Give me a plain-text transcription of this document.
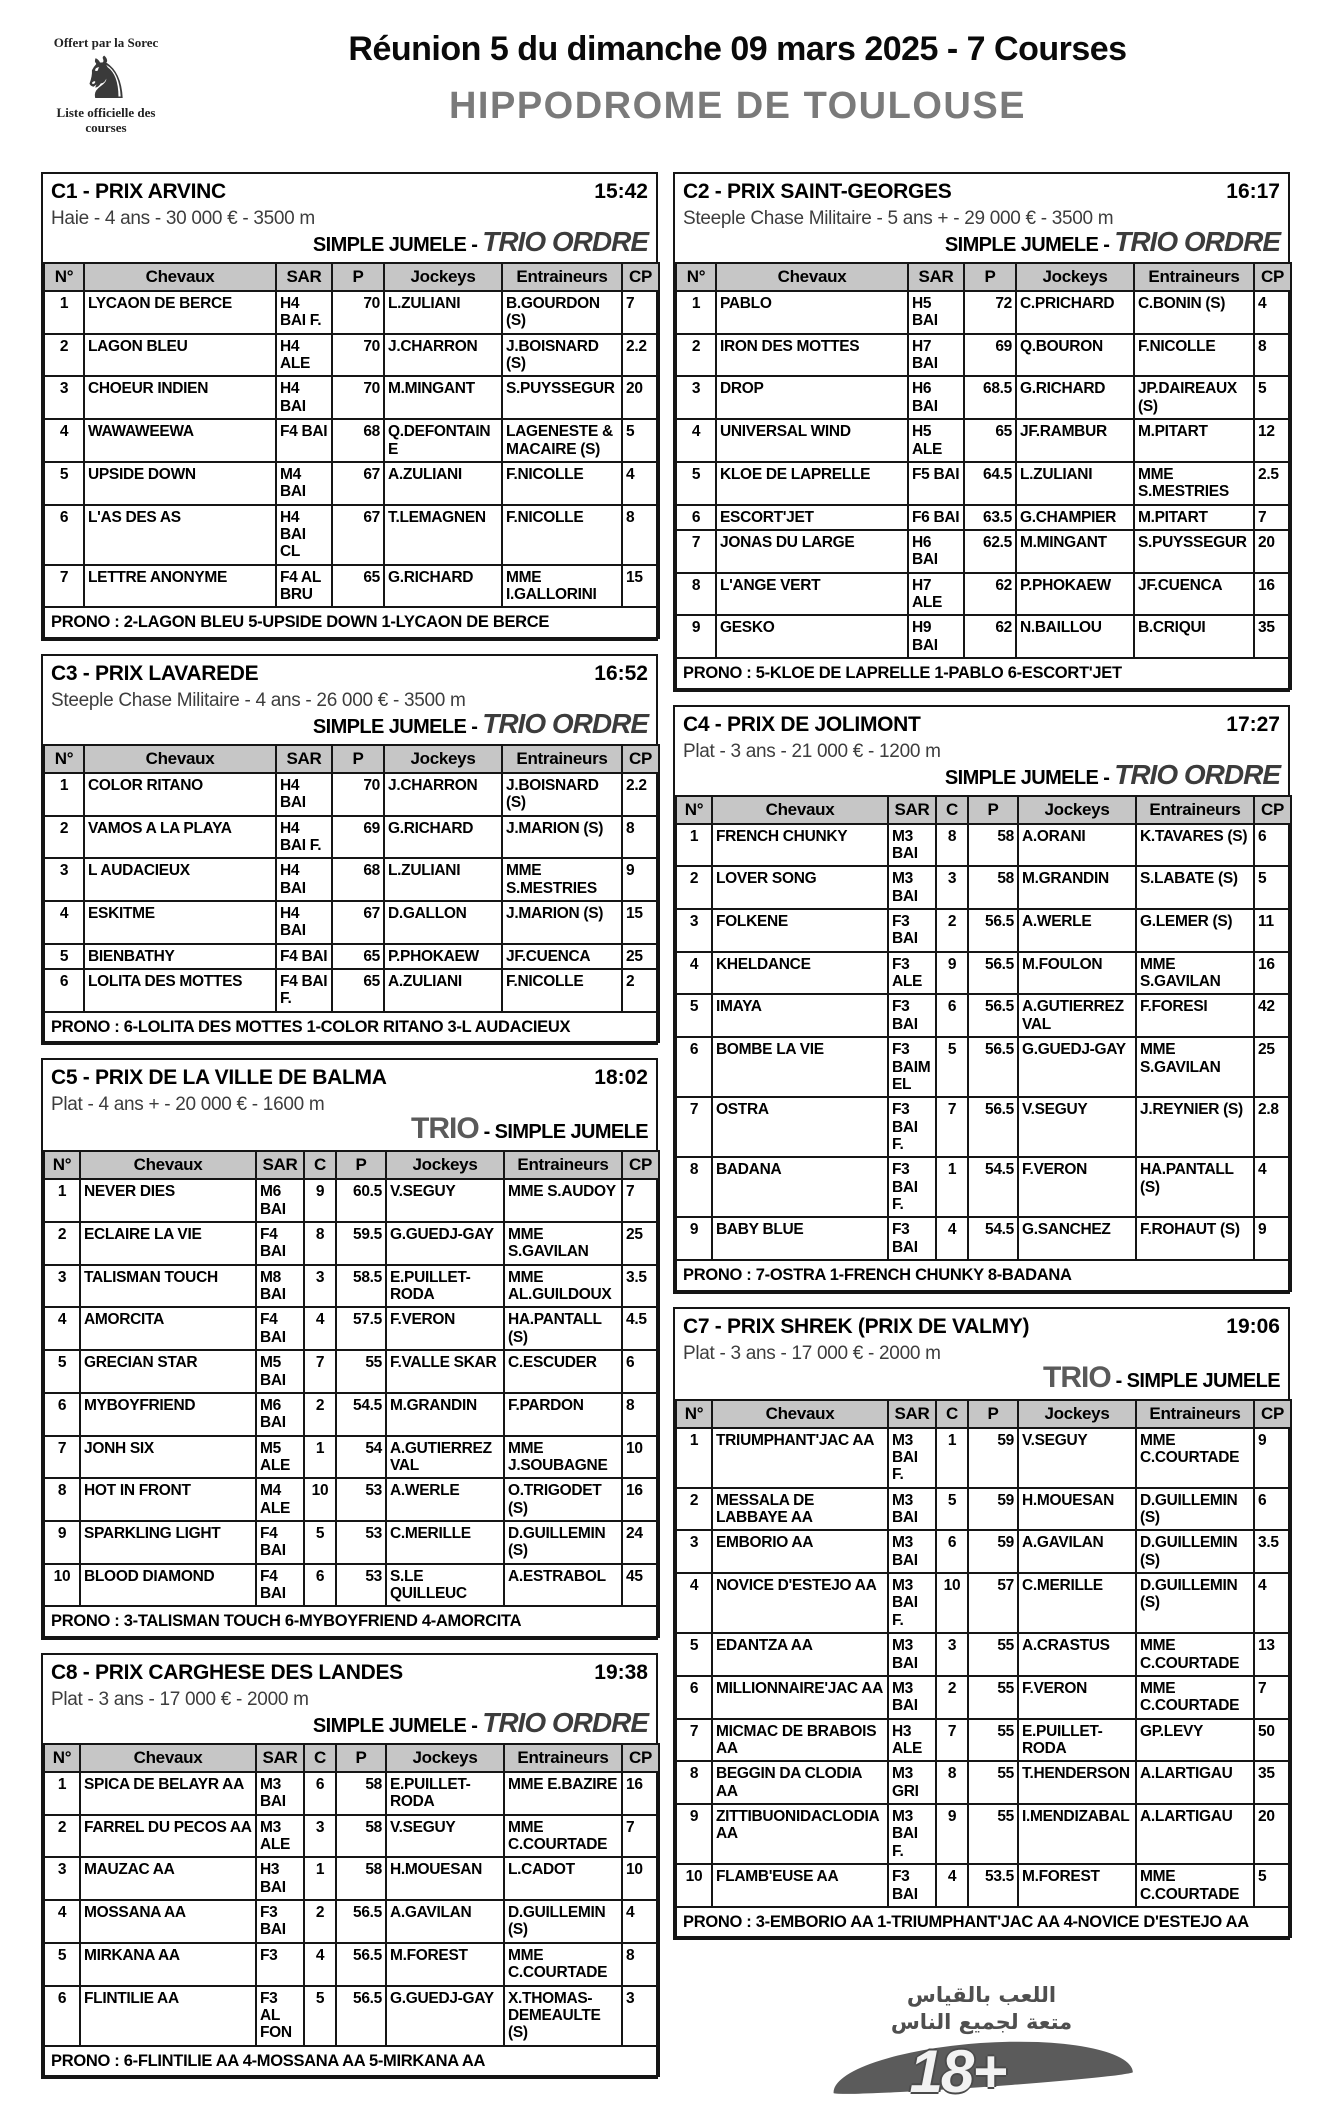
Offert par la Sorec
♞
Liste officielle des courses
Réunion 5 du dimanche 09 mars 2025 - 7 Courses
HIPPODROME DE TOULOUSE
C1 - PRIX ARVINC	15:42
Haie - 4 ans - 30 000 € - 3500 m
SIMPLE JUMELE - TRIO ORDRE
N°	Chevaux	SAR	P	Jockeys	Entraineurs	CP
1	LYCAON DE BERCE	H4 BAI F.	70	L.ZULIANI	B.GOURDON (S)	7
2	LAGON BLEU	H4 ALE	70	J.CHARRON	J.BOISNARD (S)	2.2
3	CHOEUR INDIEN	H4 BAI	70	M.MINGANT	S.PUYSSEGUR	20
4	WAWAWEEWA	F4 BAI	68	Q.DEFONTAINE	LAGENESTE & MACAIRE (S)	5
5	UPSIDE DOWN	M4 BAI	67	A.ZULIANI	F.NICOLLE	4
6	L'AS DES AS	H4 BAI CL	67	T.LEMAGNEN	F.NICOLLE	8
7	LETTRE ANONYME	F4 AL BRU	65	G.RICHARD	MME I.GALLORINI	15
PRONO : 2-LAGON BLEU 5-UPSIDE DOWN 1-LYCAON DE BERCE						
C3 - PRIX LAVAREDE	16:52
Steeple Chase Militaire - 4 ans - 26 000 € - 3500 m
SIMPLE JUMELE - TRIO ORDRE
N°	Chevaux	SAR	P	Jockeys	Entraineurs	CP
1	COLOR RITANO	H4 BAI	70	J.CHARRON	J.BOISNARD (S)	2.2
2	VAMOS A LA PLAYA	H4 BAI F.	69	G.RICHARD	J.MARION (S)	8
3	L AUDACIEUX	H4 BAI	68	L.ZULIANI	MME S.MESTRIES	9
4	ESKITME	H4 BAI	67	D.GALLON	J.MARION (S)	15
5	BIENBATHY	F4 BAI	65	P.PHOKAEW	JF.CUENCA	25
6	LOLITA DES MOTTES	F4 BAI F.	65	A.ZULIANI	F.NICOLLE	2
PRONO : 6-LOLITA DES MOTTES 1-COLOR RITANO 3-L AUDACIEUX						
C5 - PRIX DE LA VILLE DE BALMA	18:02
Plat - 4 ans + - 20 000 € - 1600 m
TRIO - SIMPLE JUMELE
N°	Chevaux	SAR	C	P	Jockeys	Entraineurs	CP
1	NEVER DIES	M6 BAI	9	60.5	V.SEGUY	MME S.AUDOY	7
2	ECLAIRE LA VIE	F4 BAI	8	59.5	G.GUEDJ-GAY	MME S.GAVILAN	25
3	TALISMAN TOUCH	M8 BAI	3	58.5	E.PUILLET-RODA	MME AL.GUILDOUX	3.5
4	AMORCITA	F4 BAI	4	57.5	F.VERON	HA.PANTALL (S)	4.5
5	GRECIAN STAR	M5 BAI	7	55	F.VALLE SKAR	C.ESCUDER	6
6	MYBOYFRIEND	M6 BAI	2	54.5	M.GRANDIN	F.PARDON	8
7	JONH SIX	M5 ALE	1	54	A.GUTIERREZ VAL	MME J.SOUBAGNE	10
8	HOT IN FRONT	M4 ALE	10	53	A.WERLE	O.TRIGODET (S)	16
9	SPARKLING LIGHT	F4 BAI	5	53	C.MERILLE	D.GUILLEMIN (S)	24
10	BLOOD DIAMOND	F4 BAI	6	53	S.LE QUILLEUC	A.ESTRABOL	45
PRONO : 3-TALISMAN TOUCH 6-MYBOYFRIEND 4-AMORCITA							
C8 - PRIX CARGHESE DES LANDES	19:38
Plat - 3 ans - 17 000 € - 2000 m
SIMPLE JUMELE - TRIO ORDRE
N°	Chevaux	SAR	C	P	Jockeys	Entraineurs	CP
1	SPICA DE BELAYR AA	M3 BAI	6	58	E.PUILLET-RODA	MME E.BAZIRE	16
2	FARREL DU PECOS AA	M3 ALE	3	58	V.SEGUY	MME C.COURTADE	7
3	MAUZAC AA	H3 BAI	1	58	H.MOUESAN	L.CADOT	10
4	MOSSANA AA	F3 BAI	2	56.5	A.GAVILAN	D.GUILLEMIN (S)	4
5	MIRKANA AA	F3	4	56.5	M.FOREST	MME C.COURTADE	8
6	FLINTILIE AA	F3 AL FON	5	56.5	G.GUEDJ-GAY	X.THOMAS-DEMEAULTE (S)	3
PRONO : 6-FLINTILIE AA 4-MOSSANA AA 5-MIRKANA AA							
C2 - PRIX SAINT-GEORGES	16:17
Steeple Chase Militaire - 5 ans + - 29 000 € - 3500 m
SIMPLE JUMELE - TRIO ORDRE
N°	Chevaux	SAR	P	Jockeys	Entraineurs	CP
1	PABLO	H5 BAI	72	C.PRICHARD	C.BONIN (S)	4
2	IRON DES MOTTES	H7 BAI	69	Q.BOURON	F.NICOLLE	8
3	DROP	H6 BAI	68.5	G.RICHARD	JP.DAIREAUX (S)	5
4	UNIVERSAL WIND	H5 ALE	65	JF.RAMBUR	M.PITART	12
5	KLOE DE LAPRELLE	F5 BAI	64.5	L.ZULIANI	MME S.MESTRIES	2.5
6	ESCORT'JET	F6 BAI	63.5	G.CHAMPIER	M.PITART	7
7	JONAS DU LARGE	H6 BAI	62.5	M.MINGANT	S.PUYSSEGUR	20
8	L'ANGE VERT	H7 ALE	62	P.PHOKAEW	JF.CUENCA	16
9	GESKO	H9 BAI	62	N.BAILLOU	B.CRIQUI	35
PRONO : 5-KLOE DE LAPRELLE 1-PABLO 6-ESCORT'JET						
C4 - PRIX DE JOLIMONT	17:27
Plat - 3 ans - 21 000 € - 1200 m
SIMPLE JUMELE - TRIO ORDRE
N°	Chevaux	SAR	C	P	Jockeys	Entraineurs	CP
1	FRENCH CHUNKY	M3 BAI	8	58	A.ORANI	K.TAVARES (S)	6
2	LOVER SONG	M3 BAI	3	58	M.GRANDIN	S.LABATE (S)	5
3	FOLKENE	F3 BAI	2	56.5	A.WERLE	G.LEMER (S)	11
4	KHELDANCE	F3 ALE	9	56.5	M.FOULON	MME S.GAVILAN	16
5	IMAYA	F3 BAI	6	56.5	A.GUTIERREZ VAL	F.FORESI	42
6	BOMBE LA VIE	F3 BAIM EL	5	56.5	G.GUEDJ-GAY	MME S.GAVILAN	25
7	OSTRA	F3 BAI F.	7	56.5	V.SEGUY	J.REYNIER (S)	2.8
8	BADANA	F3 BAI F.	1	54.5	F.VERON	HA.PANTALL (S)	4
9	BABY BLUE	F3 BAI	4	54.5	G.SANCHEZ	F.ROHAUT (S)	9
PRONO : 7-OSTRA 1-FRENCH CHUNKY 8-BADANA							
C7 - PRIX SHREK (PRIX DE VALMY)	19:06
Plat - 3 ans - 17 000 € - 2000 m
TRIO - SIMPLE JUMELE
N°	Chevaux	SAR	C	P	Jockeys	Entraineurs	CP
1	TRIUMPHANT'JAC AA	M3 BAI F.	1	59	V.SEGUY	MME C.COURTADE	9
2	MESSALA DE LABBAYE AA	M3 BAI	5	59	H.MOUESAN	D.GUILLEMIN (S)	6
3	EMBORIO AA	M3 BAI	6	59	A.GAVILAN	D.GUILLEMIN (S)	3.5
4	NOVICE D'ESTEJO AA	M3 BAI F.	10	57	C.MERILLE	D.GUILLEMIN (S)	4
5	EDANTZA AA	M3 BAI	3	55	A.CRASTUS	MME C.COURTADE	13
6	MILLIONNAIRE'JAC AA	M3 BAI	2	55	F.VERON	MME C.COURTADE	7
7	MICMAC DE BRABOIS AA	H3 ALE	7	55	E.PUILLET-RODA	GP.LEVY	50
8	BEGGIN DA CLODIA AA	M3 GRI	8	55	T.HENDERSON	A.LARTIGAU	35
9	ZITTIBUONIDACLODIA AA	M3 BAI F.	9	55	I.MENDIZABAL	A.LARTIGAU	20
10	FLAMB'EUSE AA	F3 BAI	4	53.5	M.FOREST	MME C.COURTADE	5
PRONO : 3-EMBORIO AA 1-TRIUMPHANT'JAC AA 4-NOVICE D'ESTEJO AA							
اللعب بالقياس
متعة لجميع الناس
18+
